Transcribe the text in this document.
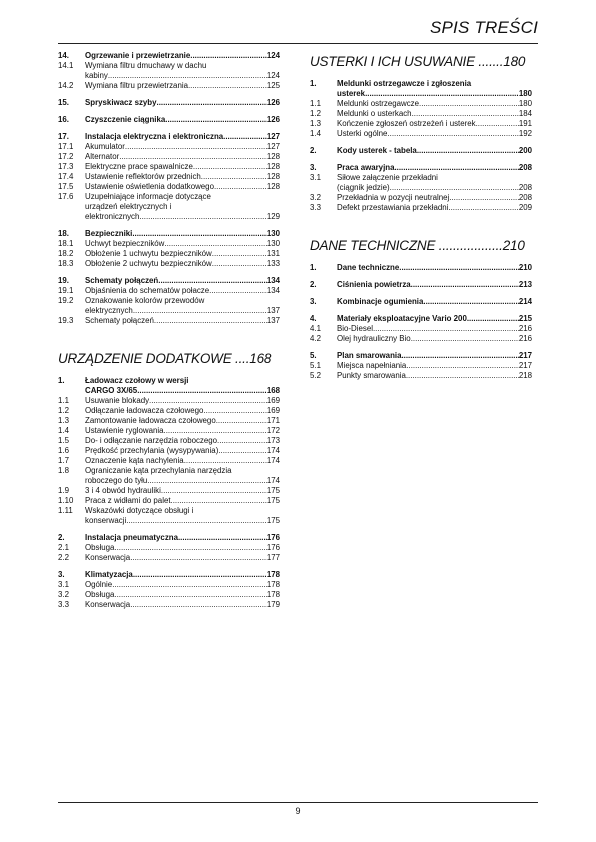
SPIS TREŚCI
14.	Ogrzewanie i przewietrzanie .....	124
14.1	Wymiana filtru dmuchawy w dachu
kabiny .....	124
14.2	Wymiana filtru przewietrzania .....	125
15.	Spryskiwacz szyby .....	126
16.	Czyszczenie ciągnika .....	126
17.	Instalacja elektryczna i elektroniczna .....	127
17.1	Akumulator .....	127
17.2	Alternator .....	128
17.3	Elektryczne prace spawalnicze .....	128
17.4	Ustawienie reflektorów przednich .....	128
17.5	Ustawienie oświetlenia dodatkowego .....	128
17.6	Uzupełniające informacje dotyczące
urządzeń elektrycznych i
elektronicznych .....	129
18.	Bezpieczniki .....	130
18.1	Uchwyt bezpieczników .....	130
18.2	Obłożenie 1 uchwytu bezpieczników .....	131
18.3	Obłożenie 2 uchwytu bezpieczników .....	133
19.	Schematy połączeń .....	134
19.1	Objaśnienia do schematów połacze .....	134
19.2	Oznakowanie kolorów przewodów
elektrycznych .....	137
19.3	Schematy połączeń .....	137
URZĄDZENIE DODATKOWE ....168
1.	Ładowacz czołowy w wersji
CARGO 3X/65 .....	168
1.1	Usuwanie blokady .....	169
1.2	Odłączanie ładowacza czołowego .....	169
1.3	Zamontowanie ładowacza czołowego .....	171
1.4	Ustawienie ryglowania .....	172
1.5	Do- i odłączanie narzędzia roboczego .....	173
1.6	Prędkość przechylania (wysypywania) .....	174
1.7	Oznaczenie kąta nachylenia .....	174
1.8	Ograniczanie kąta przechylania narzędzia
roboczego do tyłu .....	174
1.9	3 i 4 obwód hydrauliki .....	175
1.10	Praca z widłami do palet .....	175
1.11	Wskazówki dotyczące obsługi i
konserwacji .....	175
2.	Instalacja pneumatyczna .....	176
2.1	Obsługa .....	176
2.2	Konserwacja .....	177
3.	Klimatyzacja .....	178
3.1	Ogólnie .....	178
3.2	Obsługa .....	178
3.3	Konserwacja .....	179
USTERKI I ICH USUWANIE .......180
1.	Meldunki ostrzegawcze i zgłoszenia
usterek .....	180
1.1	Meldunki ostrzegawcze .....	180
1.2	Meldunki o usterkach .....	184
1.3	Kończenie zgłoszeń ostrzeżeń i usterek .....	191
1.4	Usterki ogólne .....	192
2.	Kody usterek - tabela .....	200
3.	Praca awaryjna .....	208
3.1	Siłowe załączenie przekładni
(ciągnik jedzie) .....	208
3.2	Przekładnia w pozycji neutralnej .....	208
3.3	Defekt przestawiania przekładni .....	209
DANE TECHNICZNE ..................210
1.	Dane techniczne .....	210
2.	Ciśnienia powietrza .....	213
3.	Kombinacje ogumienia .....	214
4.	Materiały eksploatacyjne Vario 200 .....	215
4.1	Bio-Diesel .....	216
4.2	Olej hydrauliczny Bio .....	216
5.	Plan smarowania .....	217
5.1	Miejsca napełniania .....	217
5.2	Punkty smarowania .....	218
9
